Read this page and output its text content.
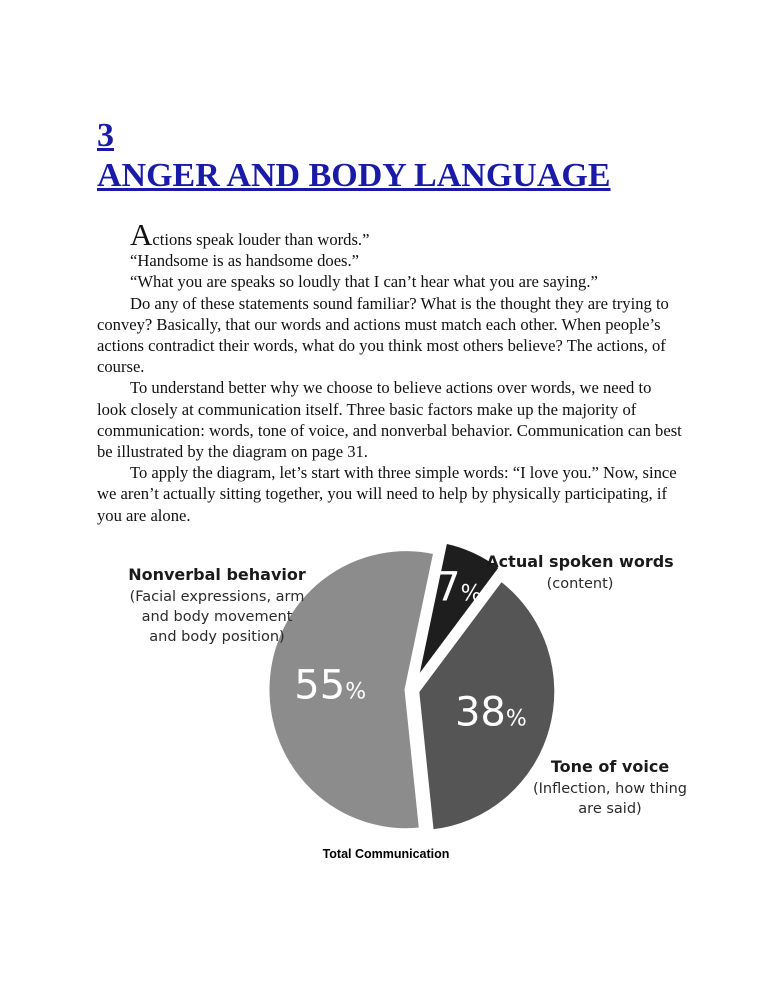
3
ANGER AND BODY LANGUAGE

Actions speak louder than words.”

“Handsome is as handsome does.”

“What you are speaks so loudly that I can’t hear what you are saying.”

Do any of these statements sound familiar? What is the thought they are trying to convey? Basically, that our words and actions must match each other. When people’s actions contradict their words, what do you think most others believe? The actions, of course.

To understand better why we choose to believe actions over words, we need to look closely at communication itself. Three basic factors make up the majority of communication: words, tone of voice, and nonverbal behavior. Communication can best be illustrated by the diagram on page 31.

To apply the diagram, let’s start with three simple words: “I love you.” Now, since we aren’t actually sitting together, you will need to help by physically participating, if you are alone.

7%
38%
55%
Nonverbal behavior
(Facial expressions, arm
and body movement
and body position)
Actual spoken words
(content)
Tone of voice
(Inflection, how thing
are said)
Total Communication
